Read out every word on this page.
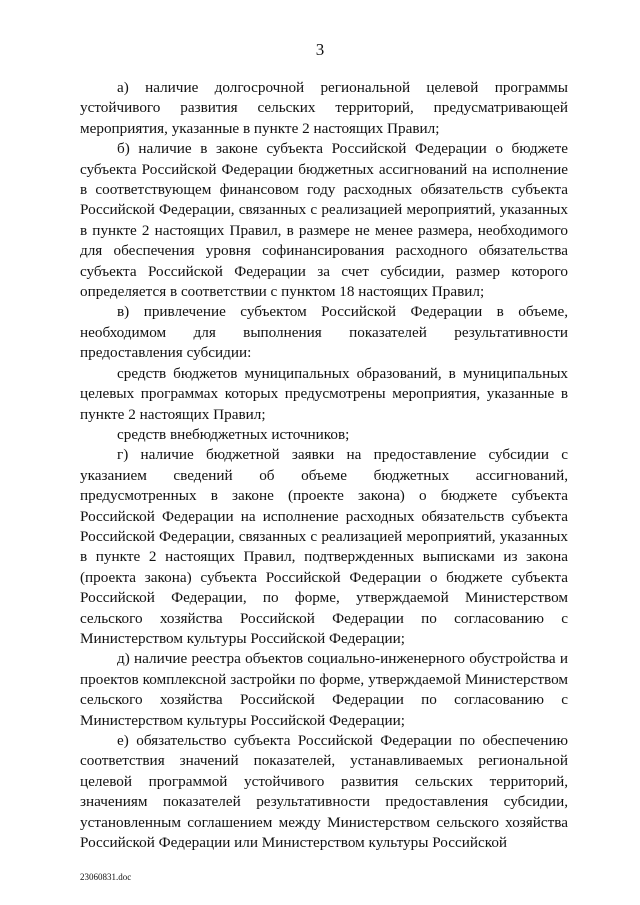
3

а) наличие долгосрочной региональной целевой программы устойчивого развития сельских территорий, предусматривающей мероприятия, указанные в пункте 2 настоящих Правил;

б) наличие в законе субъекта Российской Федерации о бюджете субъекта Российской Федерации бюджетных ассигнований на исполнение в соответствующем финансовом году расходных обязательств субъекта Российской Федерации, связанных с реализацией мероприятий, указанных в пункте 2 настоящих Правил, в размере не менее размера, необходимого для обеспечения уровня софинансирования расходного обязательства субъекта Российской Федерации за счет субсидии, размер которого определяется в соответствии с пунктом 18 настоящих Правил;

в) привлечение субъектом Российской Федерации в объеме, необходимом для выполнения показателей результативности предоставления субсидии:

средств бюджетов муниципальных образований, в муниципальных целевых программах которых предусмотрены мероприятия, указанные в пункте 2 настоящих Правил;

средств внебюджетных источников;

г) наличие бюджетной заявки на предоставление субсидии с указанием сведений об объеме бюджетных ассигнований, предусмотренных в законе (проекте закона) о бюджете субъекта Российской Федерации на исполнение расходных обязательств субъекта Российской Федерации, связанных с реализацией мероприятий, указанных в пункте 2 настоящих Правил, подтвержденных выписками из закона (проекта закона) субъекта Российской Федерации о бюджете субъекта Российской Федерации, по форме, утверждаемой Министерством сельского хозяйства Российской Федерации по согласованию с Министерством культуры Российской Федерации;

д) наличие реестра объектов социально-инженерного обустройства и проектов комплексной застройки по форме, утверждаемой Министерством сельского хозяйства Российской Федерации по согласованию с Министерством культуры Российской Федерации;

е) обязательство субъекта Российской Федерации по обеспечению соответствия значений показателей, устанавливаемых региональной целевой программой устойчивого развития сельских территорий, значениям показателей результативности предоставления субсидии, установленным соглашением между Министерством сельского хозяйства Российской Федерации или Министерством культуры Российской

23060831.doc
